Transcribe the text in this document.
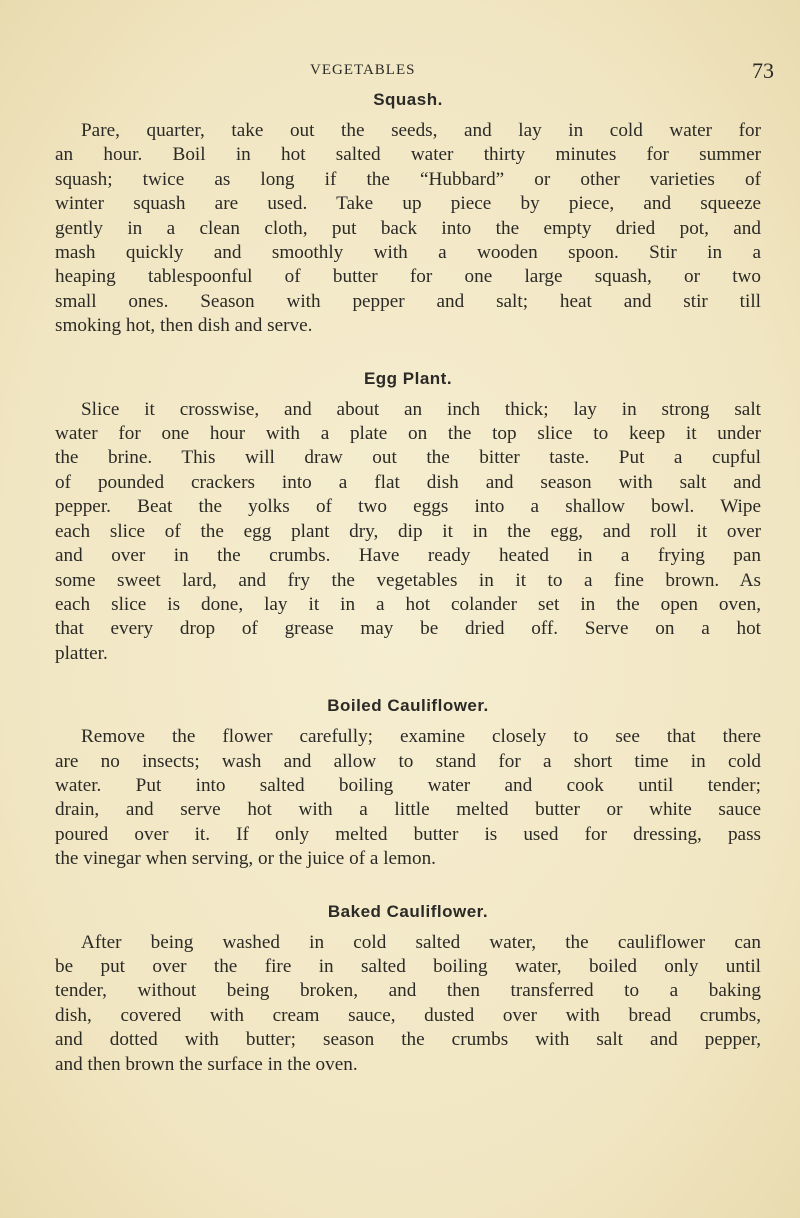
VEGETABLES	73
Squash.
Pare, quarter, take out the seeds, and lay in cold water for
an hour. Boil in hot salted water thirty minutes for summer
squash; twice as long if the “Hubbard” or other varieties of
winter squash are used. Take up piece by piece, and squeeze
gently in a clean cloth, put back into the empty dried pot, and
mash quickly and smoothly with a wooden spoon. Stir in a
heaping tablespoonful of butter for one large squash, or two
small ones. Season with pepper and salt; heat and stir till
smoking hot, then dish and serve.
Egg Plant.
Slice it crosswise, and about an inch thick; lay in strong salt
water for one hour with a plate on the top slice to keep it under
the brine. This will draw out the bitter taste. Put a cupful
of pounded crackers into a flat dish and season with salt and
pepper. Beat the yolks of two eggs into a shallow bowl. Wipe
each slice of the egg plant dry, dip it in the egg, and roll it over
and over in the crumbs. Have ready heated in a frying pan
some sweet lard, and fry the vegetables in it to a fine brown. As
each slice is done, lay it in a hot colander set in the open oven,
that every drop of grease may be dried off. Serve on a hot
platter.
Boiled Cauliflower.
Remove the flower carefully; examine closely to see that there
are no insects; wash and allow to stand for a short time in cold
water. Put into salted boiling water and cook until tender;
drain, and serve hot with a little melted butter or white sauce
poured over it. If only melted butter is used for dressing, pass
the vinegar when serving, or the juice of a lemon.
Baked Cauliflower.
After being washed in cold salted water, the cauliflower can
be put over the fire in salted boiling water, boiled only until
tender, without being broken, and then transferred to a baking
dish, covered with cream sauce, dusted over with bread crumbs,
and dotted with butter; season the crumbs with salt and pepper,
and then brown the surface in the oven.
